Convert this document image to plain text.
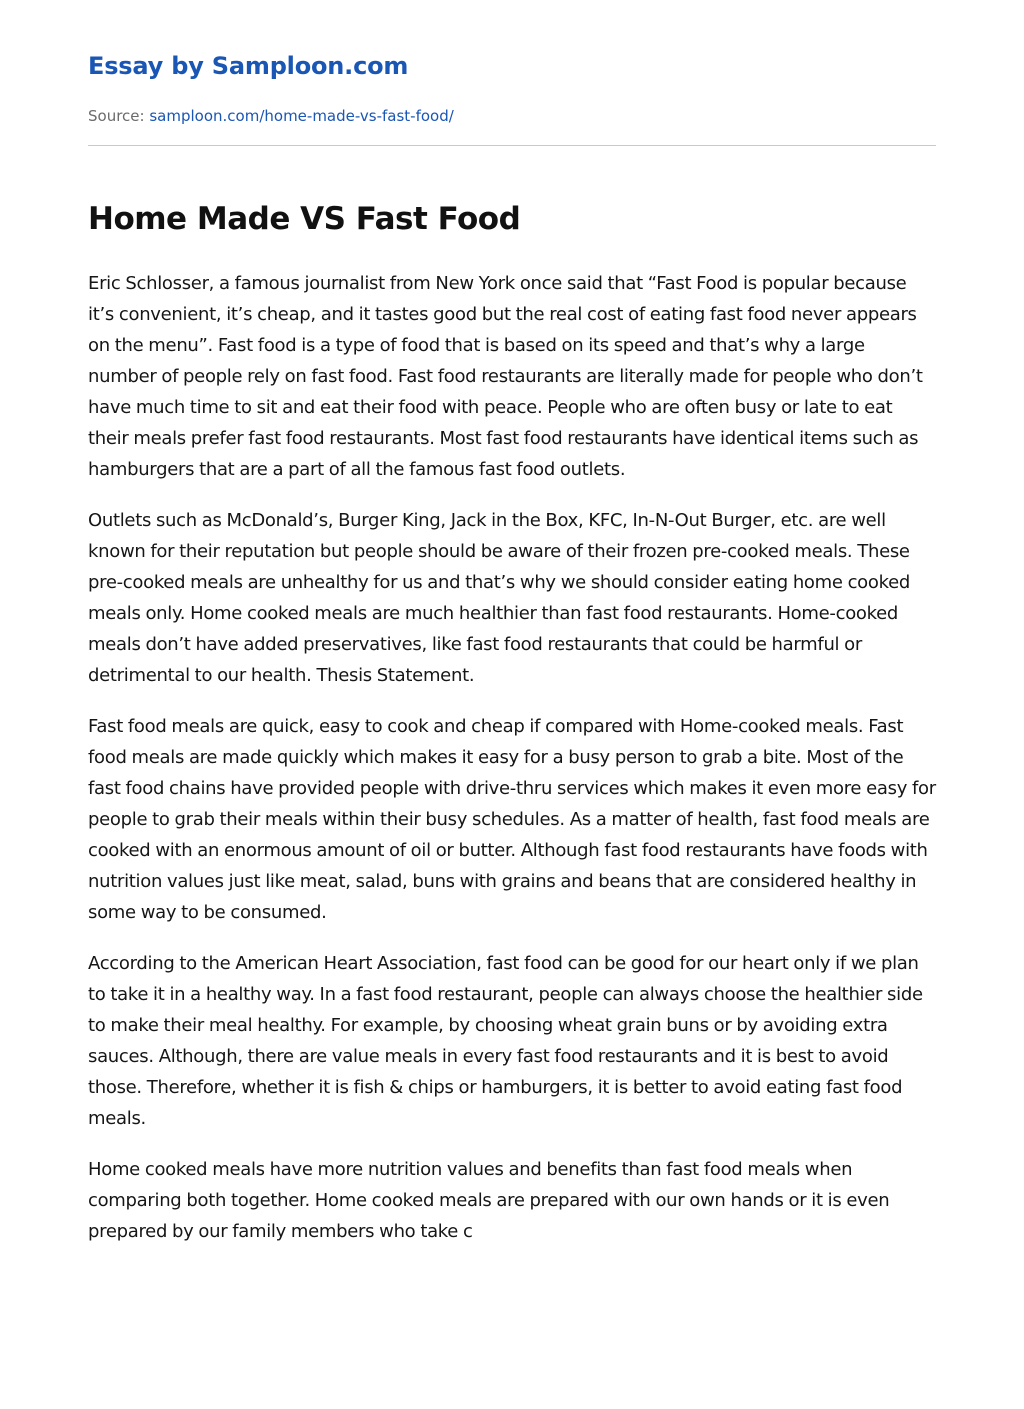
Essay by Samploon.com
Source: samploon.com/home-made-vs-fast-food/
Home Made VS Fast Food

Eric Schlosser, a famous journalist from New York once said that “Fast Food is popular because it’s convenient, it’s cheap, and it tastes good but the real cost of eating fast food never appears on the menu”. Fast food is a type of food that is based on its speed and that’s why a large number of people rely on fast food. Fast food restaurants are literally made for people who don’t have much time to sit and eat their food with peace. People who are often busy or late to eat their meals prefer fast food restaurants. Most fast food restaurants have identical items such as hamburgers that are a part of all the famous fast food outlets.

Outlets such as McDonald’s, Burger King, Jack in the Box, KFC, In-N-Out Burger, etc. are well known for their reputation but people should be aware of their frozen pre-cooked meals. These pre-cooked meals are unhealthy for us and that’s why we should consider eating home cooked meals only. Home cooked meals are much healthier than fast food restaurants. Home-cooked meals don’t have added preservatives, like fast food restaurants that could be harmful or detrimental to our health. Thesis Statement.

Fast food meals are quick, easy to cook and cheap if compared with Home-cooked meals. Fast food meals are made quickly which makes it easy for a busy person to grab a bite. Most of the fast food chains have provided people with drive-thru services which makes it even more easy for people to grab their meals within their busy schedules. As a matter of health, fast food meals are cooked with an enormous amount of oil or butter. Although fast food restaurants have foods with nutrition values just like meat, salad, buns with grains and beans that are considered healthy in some way to be consumed.

According to the American Heart Association, fast food can be good for our heart only if we plan to take it in a healthy way. In a fast food restaurant, people can always choose the healthier side to make their meal healthy. For example, by choosing wheat grain buns or by avoiding extra sauces. Although, there are value meals in every fast food restaurants and it is best to avoid those. Therefore, whether it is fish & chips or hamburgers, it is better to avoid eating fast food meals.

Home cooked meals have more nutrition values and benefits than fast food meals when comparing both together. Home cooked meals are prepared with our own hands or it is even prepared by our family members who take c
